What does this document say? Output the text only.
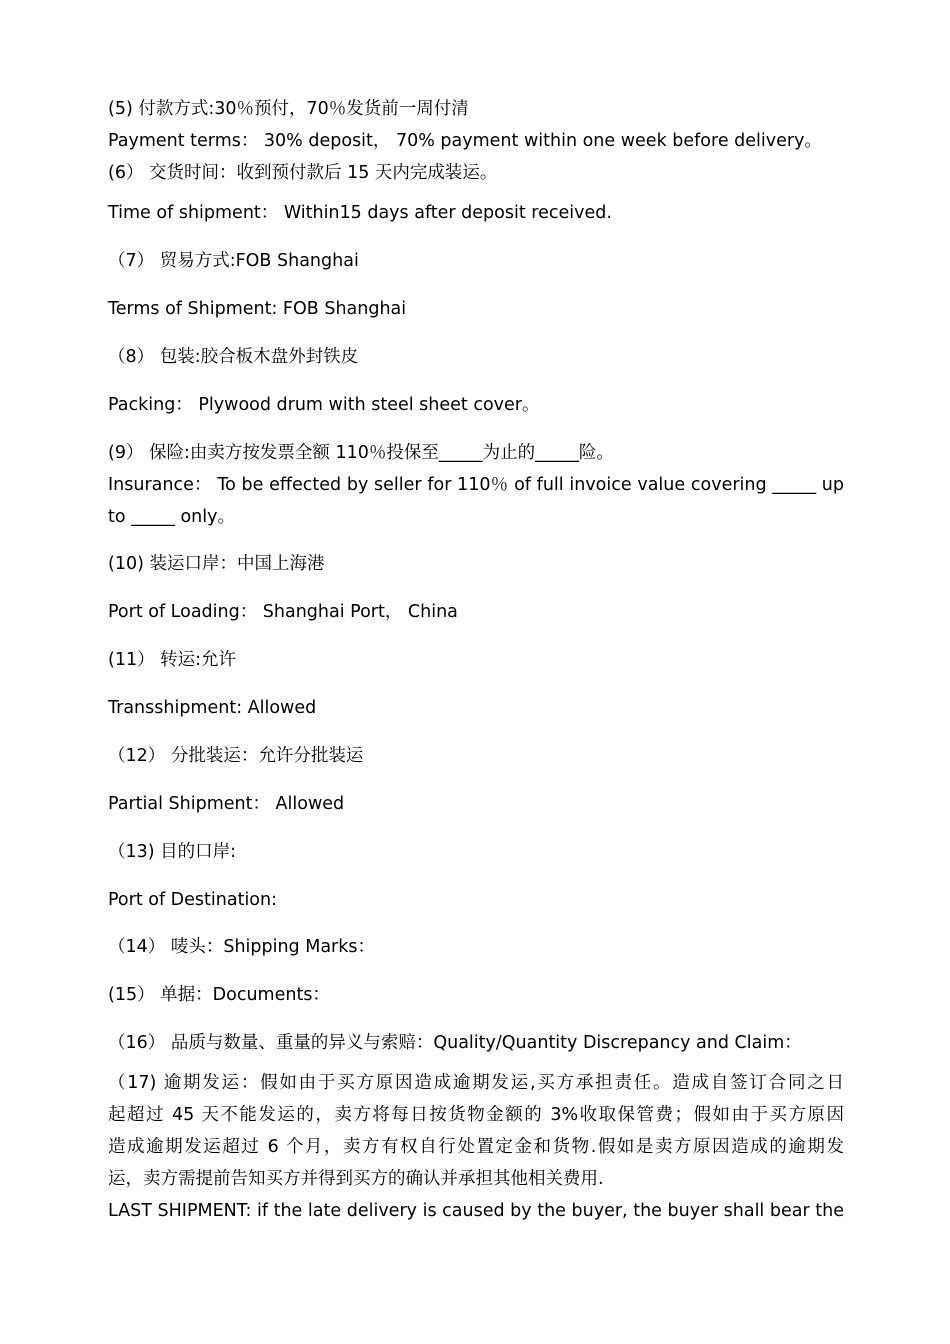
(5) 付款方式:30％预付，70％发货前一周付清
Payment terms： 30% deposit， 70% payment within one week before delivery。
(6） 交货时间：收到预付款后 15 天内完成装运。
Time of shipment： Within15 days after deposit received.
（7） 贸易方式:FOB Shanghai
Terms of Shipment: FOB Shanghai
（8） 包装:胶合板木盘外封铁皮
Packing： Plywood drum with steel sheet cover。
(9） 保险:由卖方按发票全额 110％投保至_____为止的_____险。
Insurance： To be effected by seller for 110％ of full invoice value covering _____ up
to _____ only。
(10) 装运口岸：中国上海港
Port of Loading： Shanghai Port， China
(11） 转运:允许
Transshipment: Allowed
（12） 分批装运：允许分批装运
Partial Shipment： Allowed
（13) 目的口岸:
Port of Destination:
（14） 唛头：Shipping Marks：
(15） 单据：Documents：
（16） 品质与数量、重量的异义与索赔：Quality/Quantity Discrepancy and Claim：
（17) 逾期发运：假如由于买方原因造成逾期发运,买方承担责任。造成自签订合同之日
起超过 45 天不能发运的，卖方将每日按货物金额的 3%收取保管费；假如由于买方原因
造成逾期发运超过 6 个月，卖方有权自行处置定金和货物.假如是卖方原因造成的逾期发
运，卖方需提前告知买方并得到买方的确认并承担其他相关费用.
LAST SHIPMENT: if the late delivery is caused by the buyer, the buyer shall bear the
